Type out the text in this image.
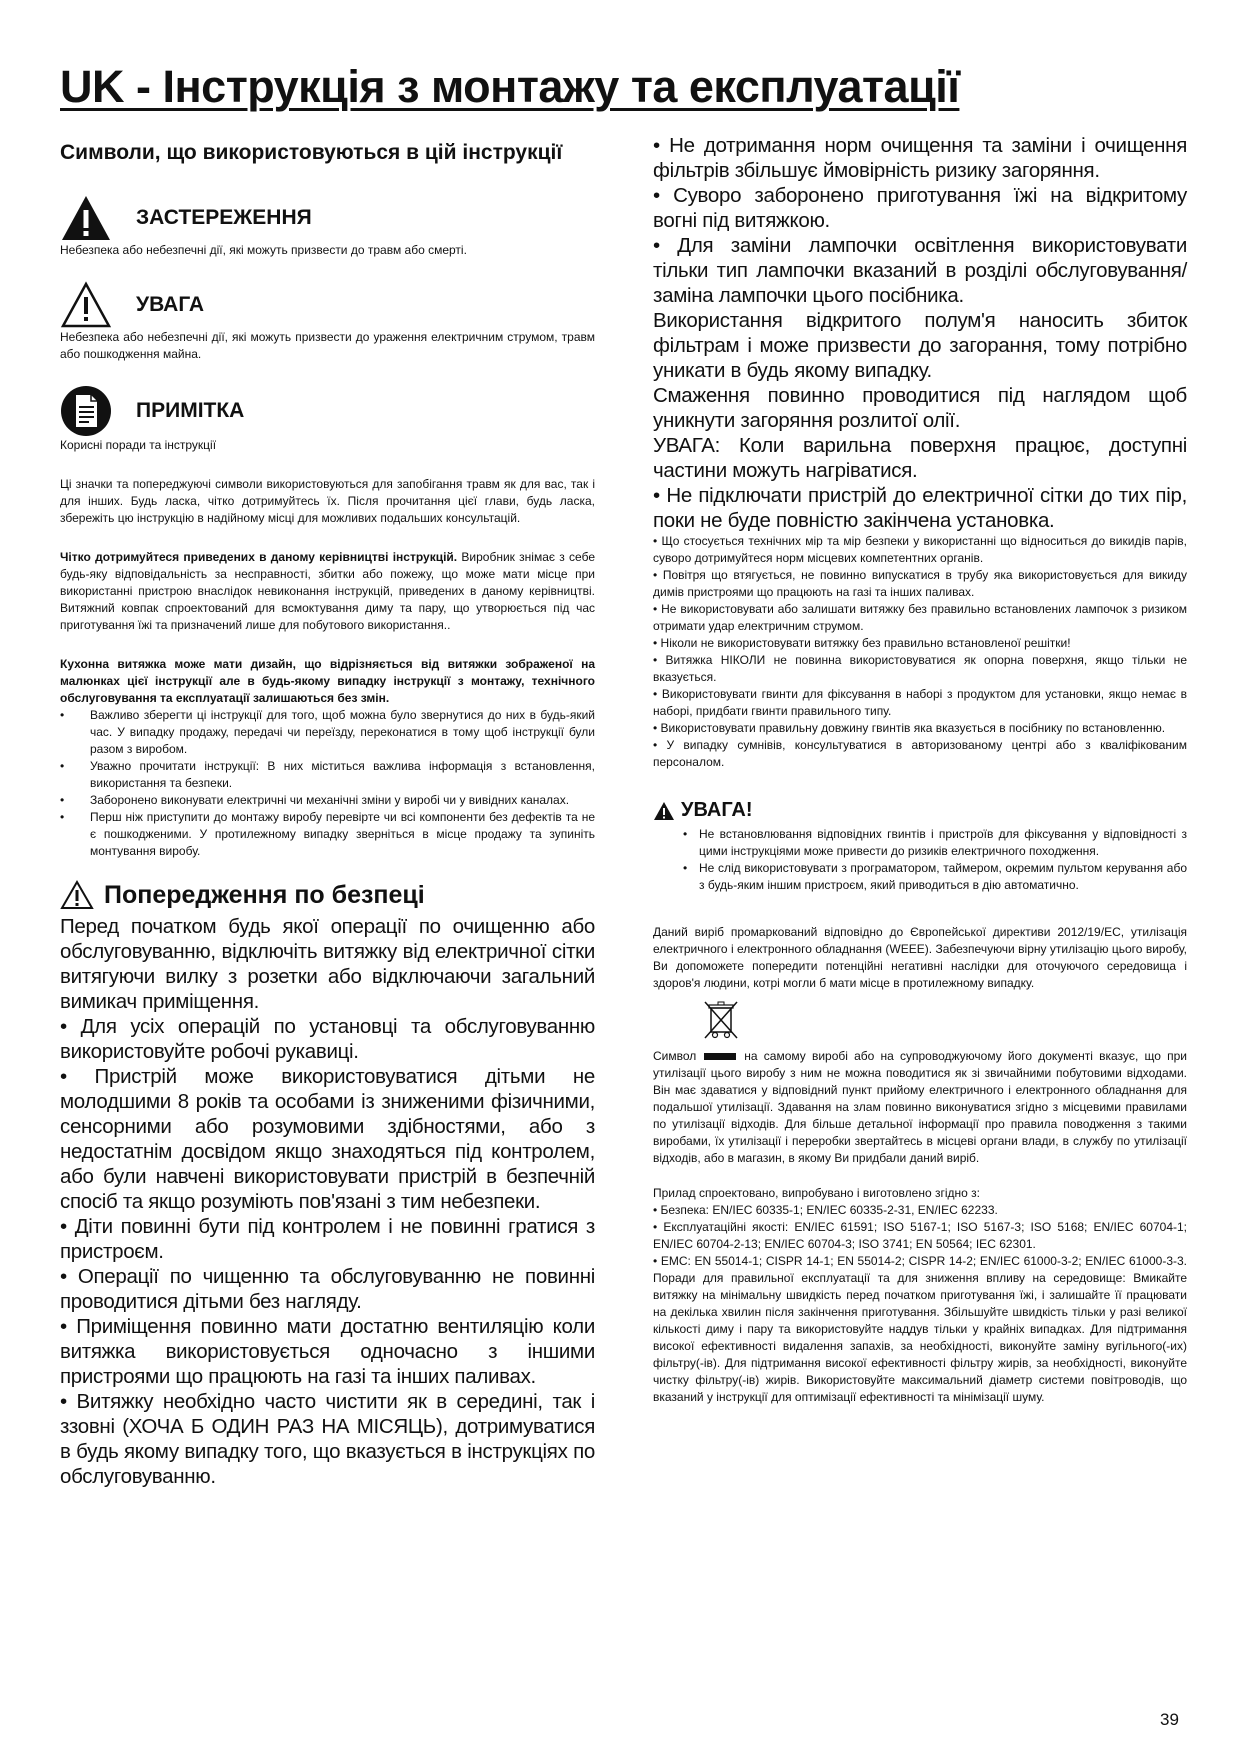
UK - Інструкція з монтажу та експлуатації

Символи, що використовуються в цій інструкції

ЗАСТЕРЕЖЕННЯ

Небезпека або небезпечні дії, які можуть призвести до травм або смерті.

УВАГА

Небезпека або небезпечні дії, які можуть призвести до ураження електричним струмом, травм або пошкодження майна.

ПРИМІТКА

Корисні поради та інструкції

Ці значки та попереджуючі символи використовуються для запобігання травм як для вас, так і для інших. Будь ласка, чітко дотримуйтесь їх. Після прочитання цієї глави, будь ласка, збережіть цю інструкцію в надійному місці для можливих подальших консультацій.

Чітко дотримуйтеся приведених в даному керівництві інструкцій. Виробник знімає з себе будь-яку відповідальність за несправності, збитки або пожежу, що може мати місце при використанні пристрою внаслідок невиконання інструкцій, приведених в даному керівництві. Витяжний ковпак спроектований для всмоктування диму та пару, що утворюється під час приготування їжі та призначений лише для побутового використання..

Кухонна витяжка може мати дизайн, що відрізняється від витяжки зображеної на малюнках цієї інструкції але в будь-якому випадку інструкції з монтажу, технічного обслуговування та експлуатації залишаються без змін.

• Важливо зберегти ці інструкції для того, щоб можна було звернутися до них в будь-який час. У випадку продажу, передачі чи переїзду, переконатися в тому щоб інструкції були разом з виробом.
• Уважно прочитати інструкції: В них міститься важлива інформація з встановлення, використання та безпеки.
• Заборонено виконувати електричні чи механічні зміни у виробі чи у вивідних каналах.
• Перш ніж приступити до монтажу виробу перевірте чи всі компоненти без дефектів та не є пошкодженими. У протилежному випадку зверніться в місце продажу та зупиніть монтування виробу.
Попередження по безпеці

Перед початком будь якої операції по очищенню або обслуговуванню, відключіть витяжку від електричної сітки витягуючи вилку з розетки або відключаючи загальний вимикач приміщення.

• Для усіх операцій по установці та обслуговуванню використовуйте робочі рукавиці.

• Пристрій може використовуватися дітьми не молодшими 8 років та особами із зниженими фізичними, сенсорними або розумовими здібностями, або з недостатнім досвідом якщо знаходяться під контролем, або були навчені використовувати пристрій в безпечній спосіб та якщо розуміють пов'язані з тим небезпеки.

• Діти повинні бути під контролем і не повинні гратися з пристроєм.

• Операції по чищенню та обслуговуванню не повинні проводитися дітьми без нагляду.

• Приміщення повинно мати достатню вентиляцію коли витяжка використовується одночасно з іншими пристроями що працюють на газі та інших паливах.

• Витяжку необхідно часто чистити як в середині, так і ззовні (ХОЧА Б ОДИН РАЗ НА МІСЯЦЬ), дотримуватися в будь якому випадку того, що вказується в інструкціях по обслуговуванню.

• Не дотримання норм очищення та заміни і очищення фільтрів збільшує ймовірність ризику загоряння.

• Суворо заборонено приготування їжі на відкритому вогні під витяжкою.

• Для заміни лампочки освітлення використовувати тільки тип лампочки вказаний в розділі обслуговування/заміна лампочки цього посібника.

Використання відкритого полум'я наносить збиток фільтрам і може призвести до загорання, тому потрібно уникати в будь якому випадку.

Смаження повинно проводитися під наглядом щоб уникнути загоряння розлитої олії.

УВАГА: Коли варильна поверхня працює, доступні частини можуть нагріватися.

• Не підключати пристрій до електричної сітки до тих пір, поки не буде повністю закінчена установка.

• Що стосується технічних мір та мір безпеки у використанні що відноситься до викидів парів, суворо дотримуйтеся норм місцевих компетентних органів.

• Повітря що втягується, не повинно випускатися в трубу яка використовується для викиду димів пристроями що працюють на газі та інших паливах.

• Не використовувати або залишати витяжку без правильно встановлених лампочок з ризиком отримати удар електричним струмом.

• Ніколи не використовувати витяжку без правильно встановленої решітки!

• Витяжка НІКОЛИ не повинна використовуватися як опорна поверхня, якщо тільки не вказується.

• Використовувати гвинти для фіксування в наборі з продуктом для установки, якщо немає в наборі, придбати гвинти правильного типу.

• Використовувати правильну довжину гвинтів яка вказується в посібнику по встановленню.

• У випадку сумнівів, консультуватися в авторизованому центрі або з кваліфікованим персоналом.

УВАГА!
• Не встановлювання відповідних гвинтів і пристроїв для фіксування у відповідності з цими інструкціями може привести до ризиків електричного походження.
• Не слід використовувати з програматором, таймером, окремим пультом керування або з будь-яким іншим пристроєм, який приводиться в дію автоматично.

Даний виріб промаркований відповідно до Європейської директиви 2012/19/ЕС, утилізація електричного і електронного обладнання (WEEE). Забезпечуючи вірну утилізацію цього виробу, Ви допоможете попередити потенційні негативні наслідки для оточуючого середовища і здоров'я людини, котрі могли б мати місце в протилежному випадку.

Символ	на самому виробі або на супроводжуючому його документі вказує, що при утилізації цього виробу з ним не можна поводитися як зі звичайними побутовими відходами. Він має здаватися у відповідний пункт прийому електричного і електронного обладнання для подальшої утилізації. Здавання на злам повинно виконуватися згідно з місцевими правилами по утилізації відходів. Для більше детальної інформації про правила поводження з такими виробами, їх утилізації і переробки звертайтесь в місцеві органи влади, в службу по утилізації відходів, або в магазин, в якому Ви придбали даний виріб.

Прилад спроектовано, випробувано і виготовлено згідно з:

• Безпека: EN/IEC 60335-1; EN/IEC 60335-2-31, EN/IEC 62233.

• Експлуатаційні якості: EN/IEC 61591; ISO 5167-1; ISO 5167-3; ISO 5168; EN/IEC 60704-1; EN/IEC 60704-2-13; EN/IEC 60704-3; ISO 3741; EN 50564; IEC 62301.

• EMC: EN 55014-1; CISPR 14-1; EN 55014-2; CISPR 14-2; EN/IEC 61000-3-2; EN/IEC 61000-3-3. Поради для правильної експлуатації та для зниження впливу на середовище: Вмикайте витяжку на мінімальну швидкість перед початком приготування їжі, і залишайте її працювати на декілька хвилин після закінчення приготування. Збільшуйте швидкість тільки у разі великої кількості диму і пару та використовуйте наддув тільки у крайніх випадках. Для підтримання високої ефективності видалення запахів, за необхідності, виконуйте заміну вугільного(-их) фільтру(-ів). Для підтримання високої ефективності фільтру жирів, за необхідності, виконуйте чистку фільтру(-ів) жирів. Використовуйте максимальний діаметр системи повітроводів, що вказаний у інструкції для оптимізації ефективності та мінімізації шуму.

39
